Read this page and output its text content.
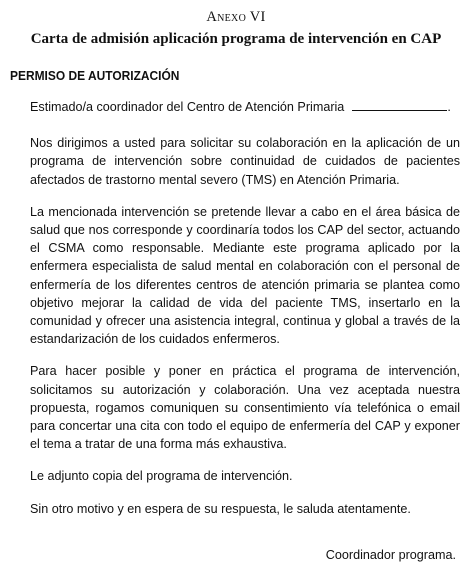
Anexo VI
Carta de admisión aplicación programa de intervención en CAP
PERMISO DE AUTORIZACIÓN

Estimado/a coordinador del Centro de Atención Primaria	.

Nos dirigimos a usted para solicitar su colaboración en la aplicación de un programa de intervención sobre continuidad de cuidados de pacientes afectados de trastorno mental severo (TMS) en Atención Primaria.

La mencionada intervención se pretende llevar a cabo en el área básica de salud que nos corresponde y coordinaría todos los CAP del sector, actuando el CSMA como responsable. Mediante este programa aplicado por la enfermera especialista de salud mental en colaboración con el personal de enfermería de los diferentes centros de atención primaria se plantea como objetivo mejorar la calidad de vida del paciente TMS, insertarlo en la comunidad y ofrecer una asistencia integral, continua y global a través de la estandarización de los cuidados enfermeros.

Para hacer posible y poner en práctica el programa de intervención, solicitamos su autorización y colaboración. Una vez aceptada nuestra propuesta, rogamos comuniquen su consentimiento vía telefónica o email para concertar una cita con todo el equipo de enfermería del CAP y exponer el tema a tratar de una forma más exhaustiva.

Le adjunto copia del programa de intervención.

Sin otro motivo y en espera de su respuesta, le saluda atentamente.

Coordinador programa.
